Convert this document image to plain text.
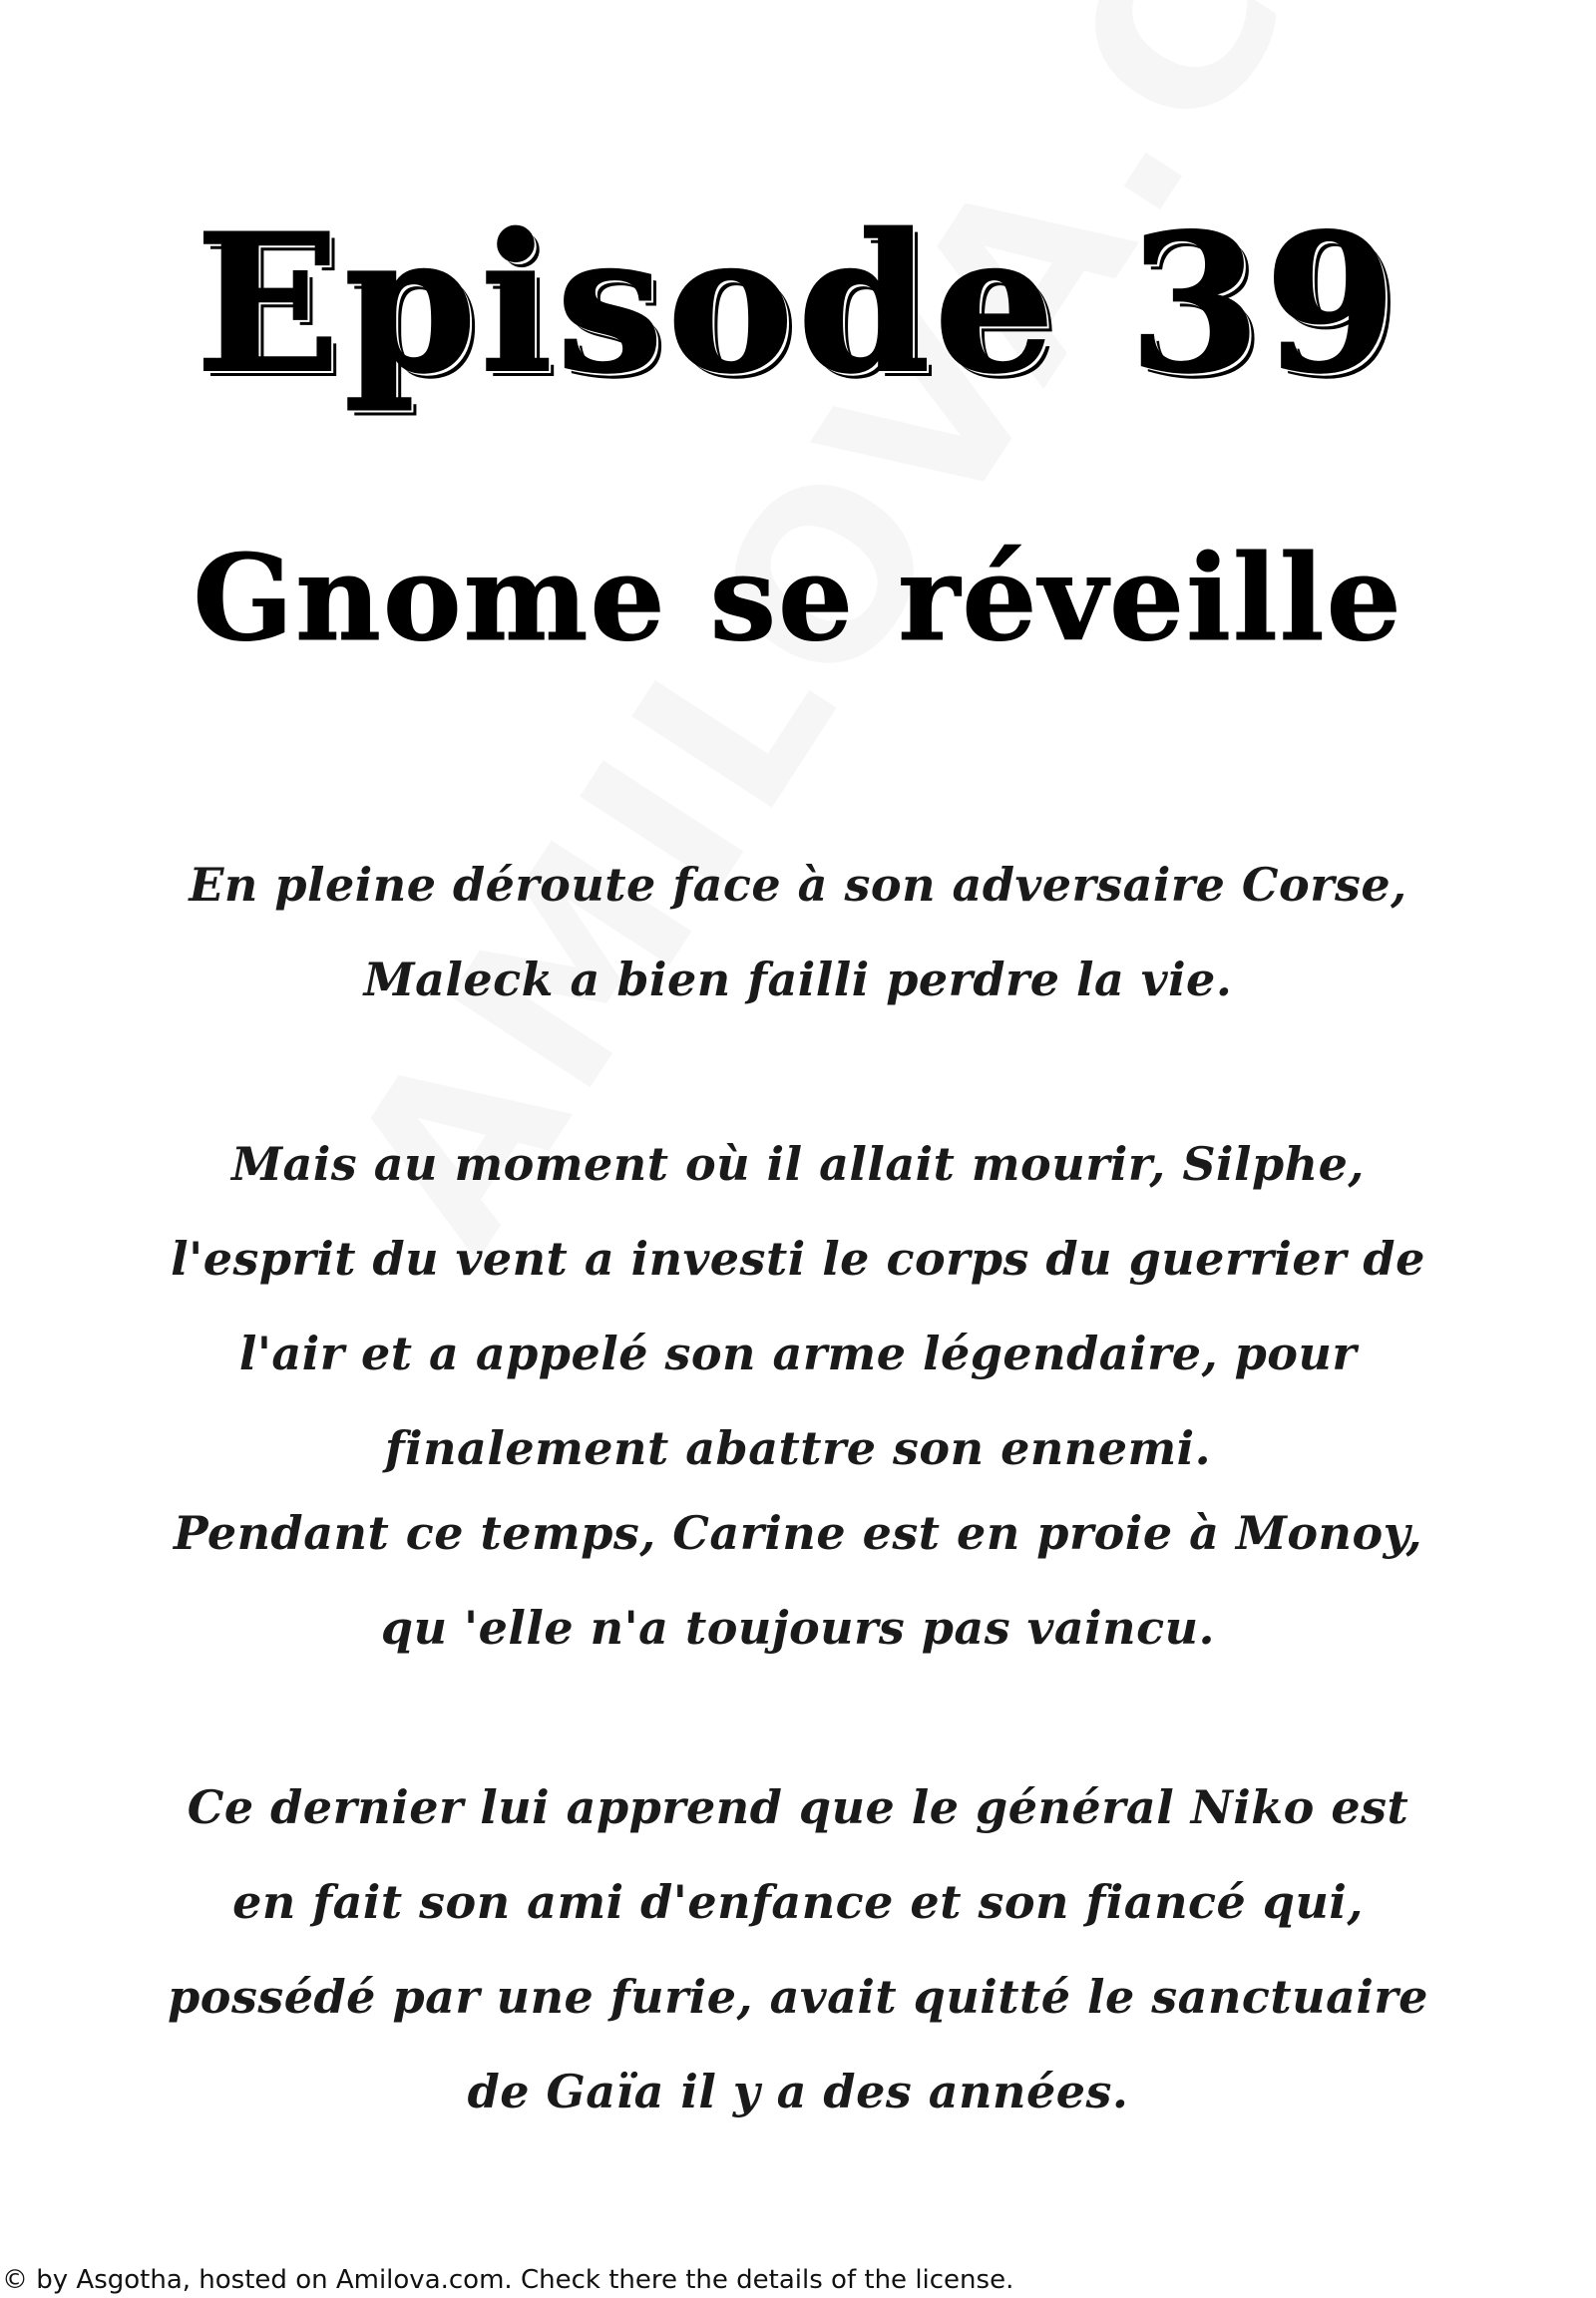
Episode 39
Gnome se réveille
En pleine déroute face à son adversaire Corse, Maleck a bien failli perdre la vie.
Mais au moment où il allait mourir, Silphe, l'esprit du vent a investi le corps du guerrier de l'air et a appelé son arme légendaire, pour finalement abattre son ennemi.
Pendant ce temps, Carine est en proie à Monoy, qu 'elle n'a toujours pas vaincu.
Ce dernier lui apprend que le général Niko est en fait son ami d'enfance et son fiancé qui, possédé par une furie, avait quitté le sanctuaire de Gaïa il y a des années.
© by Asgotha, hosted on Amilova.com. Check there the details of the license.
